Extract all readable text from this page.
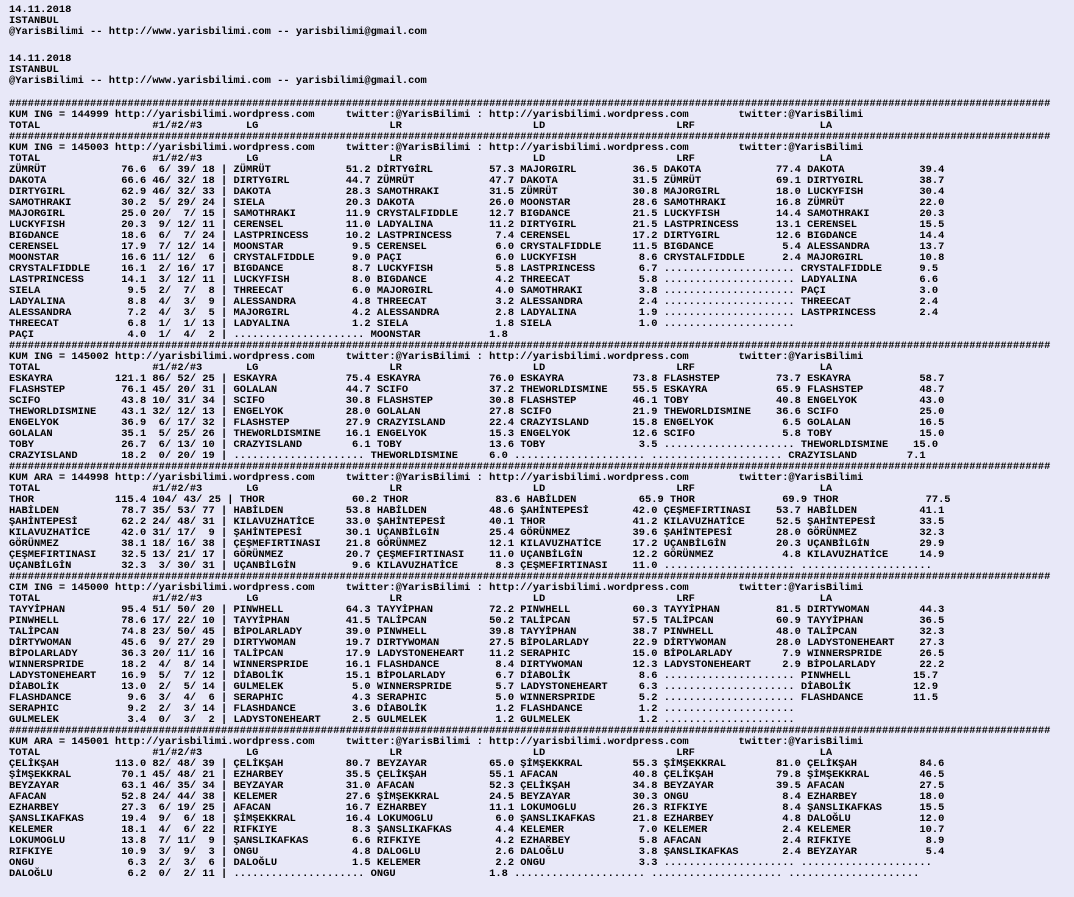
14.11.2018
ISTANBUL
@YarisBilimi -- http://www.yarisbilimi.com -- yarisbilimi@gmail.com
14.11.2018
ISTANBUL
@YarisBilimi -- http://www.yarisbilimi.com -- yarisbilimi@gmail.com
#######################################################################################################################################################################
KUM ING = 144999 http://yarisbilimi.wordpress.com     twitter:@YarisBilimi : http://yarisbilimi.wordpress.com        twitter:@YarisBilimi
TOTAL                  #1/#2/#3       LG                     LR                     LD                     LRF                    LA
#######################################################################################################################################################################
KUM ING = 145003 http://yarisbilimi.wordpress.com     twitter:@YarisBilimi : http://yarisbilimi.wordpress.com        twitter:@YarisBilimi
TOTAL                  #1/#2/#3       LG                     LR                     LD                     LRF                    LA
ZÜMRÜT            76.6  6/ 39/ 18 | ZÜMRÜT            51.2 DİRTYGİRL         57.3 MAJORGIRL         36.5 DAKOTA            77.4 DAKOTA            39.4
DAKOTA            66.6 46/ 32/ 18 | DIRTYGIRL         44.7 ZÜMRÜT            47.7 DAKOTA            31.5 ZÜMRÜT            69.1 DIRTYGIRL         38.7
DIRTYGIRL         62.9 46/ 32/ 33 | DAKOTA            28.3 SAMOTHRAKI        31.5 ZÜMRÜT            30.8 MAJORGIRL         18.0 LUCKYFISH         30.4
SAMOTHRAKI        30.2  5/ 29/ 24 | SIELA             20.3 DAKOTA            26.0 MOONSTAR          28.6 SAMOTHRAKI        16.8 ZÜMRÜT            22.0
MAJORGIRL         25.0 20/  7/ 15 | SAMOTHRAKI        11.9 CRYSTALFIDDLE     12.7 BIGDANCE          21.5 LUCKYFISH         14.4 SAMOTHRAKI        20.3
LUCKYFISH         20.3  9/ 12/ 11 | CERENSEL          11.0 LADYALINA         11.2 DIRTYGIRL         21.5 LASTPRINCESS      13.1 CERENSEL          15.5
BIGDANCE          18.6  6/  7/ 24 | LASTPRINCESS      10.2 LASTPRINCESS       7.4 CERENSEL          17.2 DIRTYGIRL         12.6 BIGDANCE          14.4
CERENSEL          17.9  7/ 12/ 14 | MOONSTAR           9.5 CERENSEL           6.0 CRYSTALFIDDLE     11.5 BIGDANCE           5.4 ALESSANDRA        13.7
MOONSTAR          16.6 11/ 12/  6 | CRYSTALFIDDLE      9.0 PAÇI               6.0 LUCKYFISH          8.6 CRYSTALFIDDLE      2.4 MAJORGIRL         10.8
CRYSTALFIDDLE     16.1  2/ 16/ 17 | BIGDANCE           8.7 LUCKYFISH          5.8 LASTPRINCESS       6.7 ..................... CRYSTALFIDDLE      9.5
LASTPRINCESS      14.1  3/ 12/ 11 | LUCKYFISH          8.0 BIGDANCE           4.2 THREECAT           5.8 ..................... LADYALINA          6.6
SIELA              9.5  2/  7/  8 | THREECAT           6.0 MAJORGIRL          4.0 SAMOTHRAKI         3.8 ..................... PAÇI               3.0
LADYALINA          8.8  4/  3/  9 | ALESSANDRA         4.8 THREECAT           3.2 ALESSANDRA         2.4 ..................... THREECAT           2.4
ALESSANDRA         7.2  4/  3/  5 | MAJORGIRL          4.2 ALESSANDRA         2.8 LADYALINA          1.9 ..................... LASTPRINCESS       2.4
THREECAT           6.8  1/  1/ 13 | LADYALINA          1.2 SIELA              1.8 SIELA              1.0 .....................
PAÇI               4.0  1/  4/  2 | ..................... MOONSTAR           1.8
#######################################################################################################################################################################
KUM ING = 145002 http://yarisbilimi.wordpress.com     twitter:@YarisBilimi : http://yarisbilimi.wordpress.com        twitter:@YarisBilimi
TOTAL                  #1/#2/#3       LG                     LR                     LD                     LRF                    LA
ESKAYRA          121.1 86/ 52/ 25 | ESKAYRA           75.4 ESKAYRA           76.0 ESKAYRA           73.8 FLASHSTEP         73.7 ESKAYRA           58.7
FLASHSTEP         76.1 45/ 20/ 31 | GOLALAN           44.7 SCIFO             37.2 THEWORLDISMINE    55.5 ESKAYRA           65.9 FLASHSTEP         48.7
SCIFO             43.8 10/ 31/ 34 | SCIFO             30.8 FLASHSTEP         30.8 FLASHSTEP         46.1 TOBY              40.8 ENGELYOK          43.0
THEWORLDISMINE    43.1 32/ 12/ 13 | ENGELYOK          28.0 GOLALAN           27.8 SCIFO             21.9 THEWORLDISMINE    36.6 SCIFO             25.0
ENGELYOK          36.9  6/ 17/ 32 | FLASHSTEP         27.9 CRAZYISLAND       22.4 CRAZYISLAND       15.8 ENGELYOK           6.5 GOLALAN           16.5
GOLALAN           35.1  5/ 25/ 26 | THEWORLDISMINE    16.1 ENGELYOK          15.3 ENGELYOK          12.6 SCIFO              5.8 TOBY              15.0
TOBY              26.7  6/ 13/ 10 | CRAZYISLAND        6.1 TOBY              13.6 TOBY               3.5 ..................... THEWORLDISMINE    15.0
CRAZYISLAND       18.2  0/ 20/ 19 | ..................... THEWORLDISMINE     6.0 ..................... ..................... CRAZYISLAND        7.1
#######################################################################################################################################################################
KUM ARA = 144998 http://yarisbilimi.wordpress.com     twitter:@YarisBilimi : http://yarisbilimi.wordpress.com        twitter:@YarisBilimi
TOTAL                  #1/#2/#3       LG                     LR                     LD                     LRF                    LA
THOR             115.4 104/ 43/ 25 | THOR              60.2 THOR              83.6 HABİLDEN          65.9 THOR              69.9 THOR              77.5
HABİLDEN          78.7 35/ 53/ 77 | HABİLDEN          53.8 HABİLDEN          48.6 ŞAHİNTEPESİ       42.0 ÇEŞMEFIRTINASI    53.7 HABİLDEN          41.1
ŞAHİNTEPESİ       62.2 24/ 48/ 31 | KILAVUZHATİCE     33.0 ŞAHİNTEPESİ       40.1 THOR              41.2 KILAVUZHATİCE     52.5 ŞAHİNTEPESİ       33.5
KILAVUZHATİCE     42.0 31/ 17/  9 | ŞAHİNTEPESİ       30.1 UÇANBİLGİN        25.4 GÖRÜNMEZ          39.6 ŞAHİNTEPESİ       28.0 GÖRÜNMEZ          32.3
GÖRÜNMEZ          38.1 18/ 16/ 38 | ÇEŞMEFIRTINASI    21.8 GÖRÜNMEZ          12.1 KILAVUZHATİCE     17.2 UÇANBİLGİN        20.3 UÇANBİLGİN        29.9
ÇEŞMEFIRTINASI    32.5 13/ 21/ 17 | GÖRÜNMEZ          20.7 ÇEŞMEFIRTINASI    11.0 UÇANBİLGİN        12.2 GÖRÜNMEZ           4.8 KILAVUZHATİCE     14.9
UÇANBİLGİN        32.3  3/ 30/ 31 | UÇANBİLGİN         9.6 KILAVUZHATİCE      8.3 ÇEŞMEFIRTINASI    11.0 ..................... .....................
#######################################################################################################################################################################
CIM ING = 145000 http://yarisbilimi.wordpress.com     twitter:@YarisBilimi : http://yarisbilimi.wordpress.com        twitter:@YarisBilimi
TOTAL                  #1/#2/#3       LG                     LR                     LD                     LRF                    LA
TAYYİPHAN         95.4 51/ 50/ 20 | PINWHELL          64.3 TAYYİPHAN         72.2 PINWHELL          60.3 TAYYİPHAN         81.5 DIRTYWOMAN        44.3
PINWHELL          78.6 17/ 22/ 10 | TAYYİPHAN         41.5 TALİPCAN          50.2 TALİPCAN          57.5 TALİPCAN          60.9 TAYYİPHAN         36.5
TALİPCAN          74.8 23/ 50/ 45 | BİPOLARLADY       39.0 PINWHELL          39.8 TAYYİPHAN         38.7 PINWHELL          48.0 TALİPCAN          32.3
DİRTYWOMAN        45.6  9/ 27/ 29 | DIRTYWOMAN        19.7 DIRTYWOMAN        27.5 BİPOLARLADY       22.9 DİRTYWOMAN        28.0 LADYSTONEHEART    27.3
BİPOLARLADY       36.3 20/ 11/ 16 | TALİPCAN          17.9 LADYSTONEHEART    11.2 SERAPHIC          15.0 BİPOLARLADY        7.9 WINNERSPRIDE      26.5
WINNERSPRIDE      18.2  4/  8/ 14 | WINNERSPRIDE      16.1 FLASHDANCE         8.4 DIRTYWOMAN        12.3 LADYSTONEHEART     2.9 BİPOLARLADY       22.2
LADYSTONEHEART    16.9  5/  7/ 12 | DİABOLİK          15.1 BİPOLARLADY        6.7 DİABOLİK           8.6 ..................... PINWHELL          15.7
DİABOLİK          13.0  2/  5/ 14 | GULMELEK           5.0 WINNERSPRIDE       5.7 LADYSTONEHEART     6.3 ..................... DİABOLİK          12.9
FLASHDANCE         9.6  3/  4/  6 | SERAPHIC           4.3 SERAPHIC           5.0 WINNERSPRIDE       5.2 ..................... FLASHDANCE        11.5
SERAPHIC           9.2  2/  3/ 14 | FLASHDANCE         3.6 DİABOLİK           1.2 FLASHDANCE         1.2 .....................
GULMELEK           3.4  0/  3/  2 | LADYSTONEHEART     2.5 GULMELEK           1.2 GULMELEK           1.2 .....................
#######################################################################################################################################################################
KUM ARA = 145001 http://yarisbilimi.wordpress.com     twitter:@YarisBilimi : http://yarisbilimi.wordpress.com        twitter:@YarisBilimi
TOTAL                  #1/#2/#3       LG                     LR                     LD                     LRF                    LA
ÇELİKŞAH         113.0 82/ 48/ 39 | ÇELİKŞAH          80.7 BEYZAYAR          65.0 ŞİMŞEKKRAL        55.3 ŞİMŞEKKRAL        81.0 ÇELİKŞAH          84.6
ŞİMŞEKKRAL        70.1 45/ 48/ 21 | EZHARBEY          35.5 ÇELİKŞAH          55.1 AFACAN            40.8 ÇELİKŞAH          79.8 ŞİMŞEKKRAL        46.5
BEYZAYAR          63.1 46/ 35/ 34 | BEYZAYAR          31.0 AFACAN            52.3 ÇELİKŞAH          34.8 BEYZAYAR          39.5 AFACAN            27.5
AFACAN            52.8 24/ 44/ 38 | KELEMER           27.6 ŞİMŞEKKRAL        24.5 BEYZAYAR          30.3 ONGU               8.4 EZHARBEY          18.0
EZHARBEY          27.3  6/ 19/ 25 | AFACAN            16.7 EZHARBEY          11.1 LOKUMOGLU         26.3 RIFKIYE            8.4 ŞANSLIKAFKAS      15.5
ŞANSLIKAFKAS      19.4  9/  6/ 18 | ŞİMŞEKKRAL        16.4 LOKUMOGLU          6.0 ŞANSLIKAFKAS      21.8 EZHARBEY           4.8 DALOĞLU           12.0
KELEMER           18.1  4/  6/ 22 | RIFKIYE            8.3 ŞANSLIKAFKAS       4.4 KELEMER            7.0 KELEMER            2.4 KELEMER           10.7
LOKUMOGLU         13.8  7/ 11/  9 | ŞANSLIKAFKAS       6.6 RIFKIYE            4.2 EZHARBEY           5.8 AFACAN             2.4 RIFKIYE            8.9
RIFKIYE           10.9  3/  9/  3 | ONGU               4.8 DALOGLU            2.6 DALOĞLU            3.8 ŞANSLIKAFKAS       2.4 BEYZAYAR           5.4
ONGU               6.3  2/  3/  6 | DALOĞLU            1.5 KELEMER            2.2 ONGU               3.3 ..................... .....................
DALOĞLU            6.2  0/  2/ 11 | ..................... ONGU               1.8 ..................... ..................... .....................
